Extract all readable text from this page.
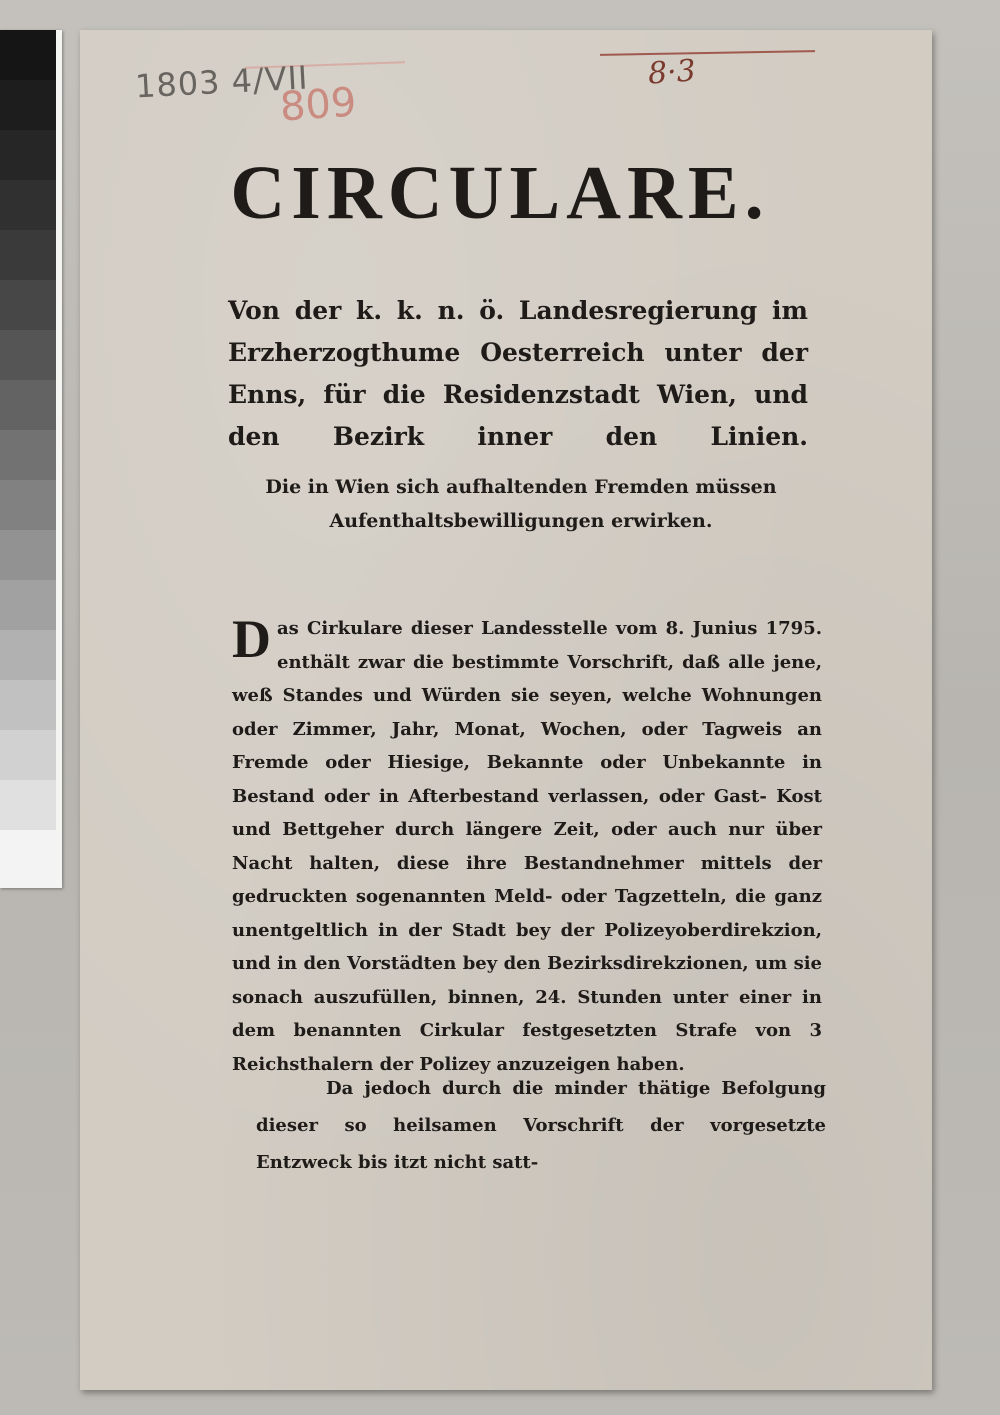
1803 4/VII
809
8·3
CIRCULARE.
Von der k. k. n. ö. Landesregierung im Erzherzogthume Oesterreich unter der Enns, für die Residenzstadt Wien, und den Bezirk inner den Linien.
Die in Wien sich aufhaltenden Fremden müssen Aufenthaltsbewilligungen erwirken.
Das Cirkulare dieser Landesstelle vom 8. Junius 1795. enthält zwar die bestimmte Vorschrift, daß alle jene, weß Standes und Würden sie seyen, welche Wohnungen oder Zimmer, Jahr, Monat, Wochen, oder Tagweis an Fremde oder Hiesige, Bekannte oder Unbekannte in Bestand oder in Afterbestand verlassen, oder Gast- Kost und Bettgeher durch längere Zeit, oder auch nur über Nacht halten, diese ihre Bestandnehmer mittels der gedruckten sogenannten Meld- oder Tagzetteln, die ganz unentgeltlich in der Stadt bey der Polizeyoberdirekzion, und in den Vorstädten bey den Bezirksdirekzionen, um sie sonach auszufüllen, binnen, 24. Stunden unter einer in dem benannten Cirkular festgesetzten Strafe von 3 Reichsthalern der Polizey anzuzeigen haben.
Da jedoch durch die minder thätige Befolgung dieser so heilsamen Vorschrift der vorgesetzte Entzweck bis itzt nicht satt-
